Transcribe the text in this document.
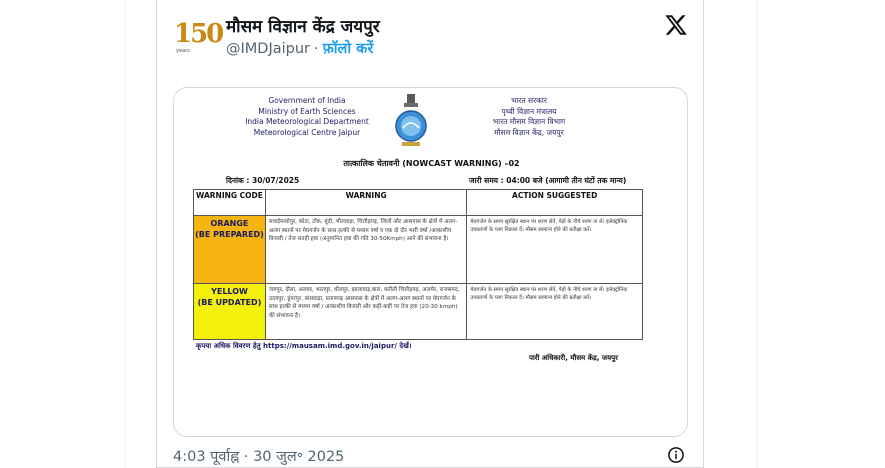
150
years
मौसम विज्ञान केंद्र जयपुर
@IMDJaipur · फ़ॉलो करें
Government of India
Ministry of Earth Sciences
India Meteorological Department
Meteorological Centre Jaipur
भारत सरकार
पृथ्वी विज्ञान मंत्रालय
भारत मौसम विज्ञान विभाग
मौसम विज्ञान केंद्र, जयपुर
तात्कालिक चेतावनी (NOWCAST WARNING) –02
दिनांक : 30/07/2025	जारी समय : 04:00 बजे (आगामी तीन घंटों तक मान्य)
WARNING CODE	WARNING	ACTION SUGGESTED

ORANGE
(BE PREPARED)	सवाईमाधोपुर, कोटा, टोंक, बूंदी, भीलवाड़ा, चित्तौड़गढ़, जिलों और आसपास के क्षेत्रों में अलग-अलग स्थानों पर मेघगर्जन के साथ हल्की से मध्यम वर्षा व एक दो दौर भारी वर्षा /आकाशीय बिजली / तेज सतही हवा (अनुमानित हवा की गति 30-50Kmph) आने की संभावना है।	मेघगर्जन के समय सुरक्षित स्थान पर शरण लेवें, पेड़ों के नीचे शरण ना लें। इलेक्ट्रॉनिक उपकरणों के प्लग निकाल दें। मौसम सामान्य होने की प्रतीक्षा करें।

YELLOW
(BE UPDATED)	जयपुर, दौसा, अलवर, भरतपुर, धौलपुर, झालावाड़,बारां, करौली चित्तौड़गढ़, अजमेर, राजसमंद, उदयपुर, डूंगरपुर, बांसवाड़ा, प्रतापगढ़ आसपास के क्षेत्रों में अलग-अलग स्थानों पर मेघगर्जन के साथ हल्की से मध्यम वर्षा / आकाशीय बिजली और कहीं-कहीं पर तेज हवा (20-30 kmph) की संभावना है।	मेघगर्जन के समय सुरक्षित स्थान पर शरण लेवें, पेड़ों के नीचे शरण ना लें। इलेक्ट्रॉनिक उपकरणों के प्लग निकाल दें। मौसम सामान्य होने की प्रतीक्षा करें।
कृपया अधिक विवरण हेतु https://mausam.imd.gov.in/jaipur/ देखें।
पारी अधिकारी, मौसम केंद्र, जयपुर
4:03 पूर्वाह्न · 30 जुल॰ 2025
